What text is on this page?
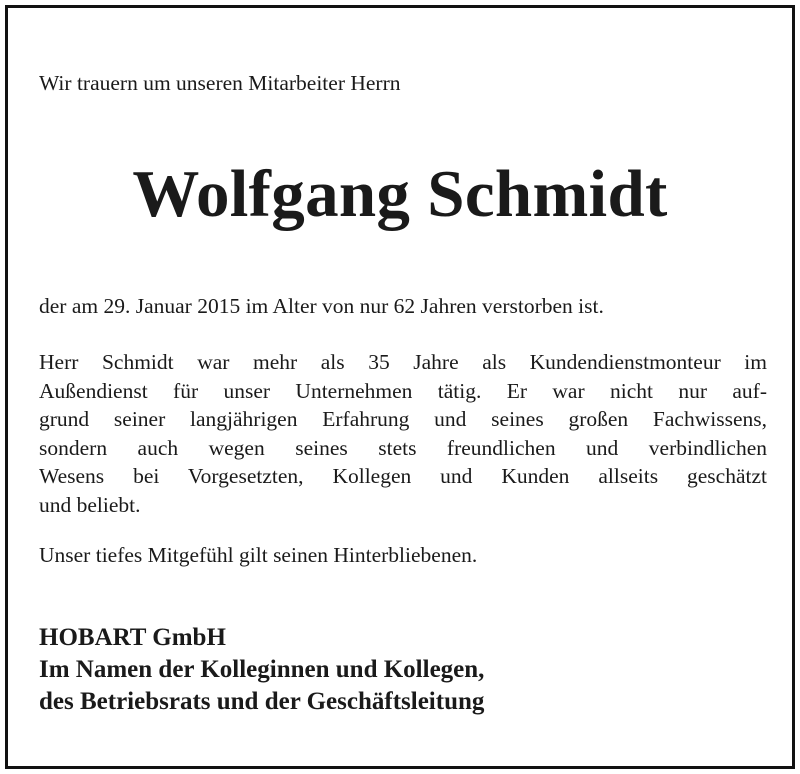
Wir trauern um unseren Mitarbeiter Herrn
Wolfgang Schmidt
der am 29. Januar 2015 im Alter von nur 62 Jahren verstorben ist.
Herr Schmidt war mehr als 35 Jahre als Kundendienstmonteur im
Außendienst für unser Unternehmen tätig. Er war nicht nur auf-
grund seiner langjährigen Erfahrung und seines großen Fachwissens,
sondern auch wegen seines stets freundlichen und verbindlichen
Wesens bei Vorgesetzten, Kollegen und Kunden allseits geschätzt
und beliebt.
Unser tiefes Mitgefühl gilt seinen Hinterbliebenen.
HOBART GmbH
Im Namen der Kolleginnen und Kollegen,
des Betriebsrats und der Geschäftsleitung
